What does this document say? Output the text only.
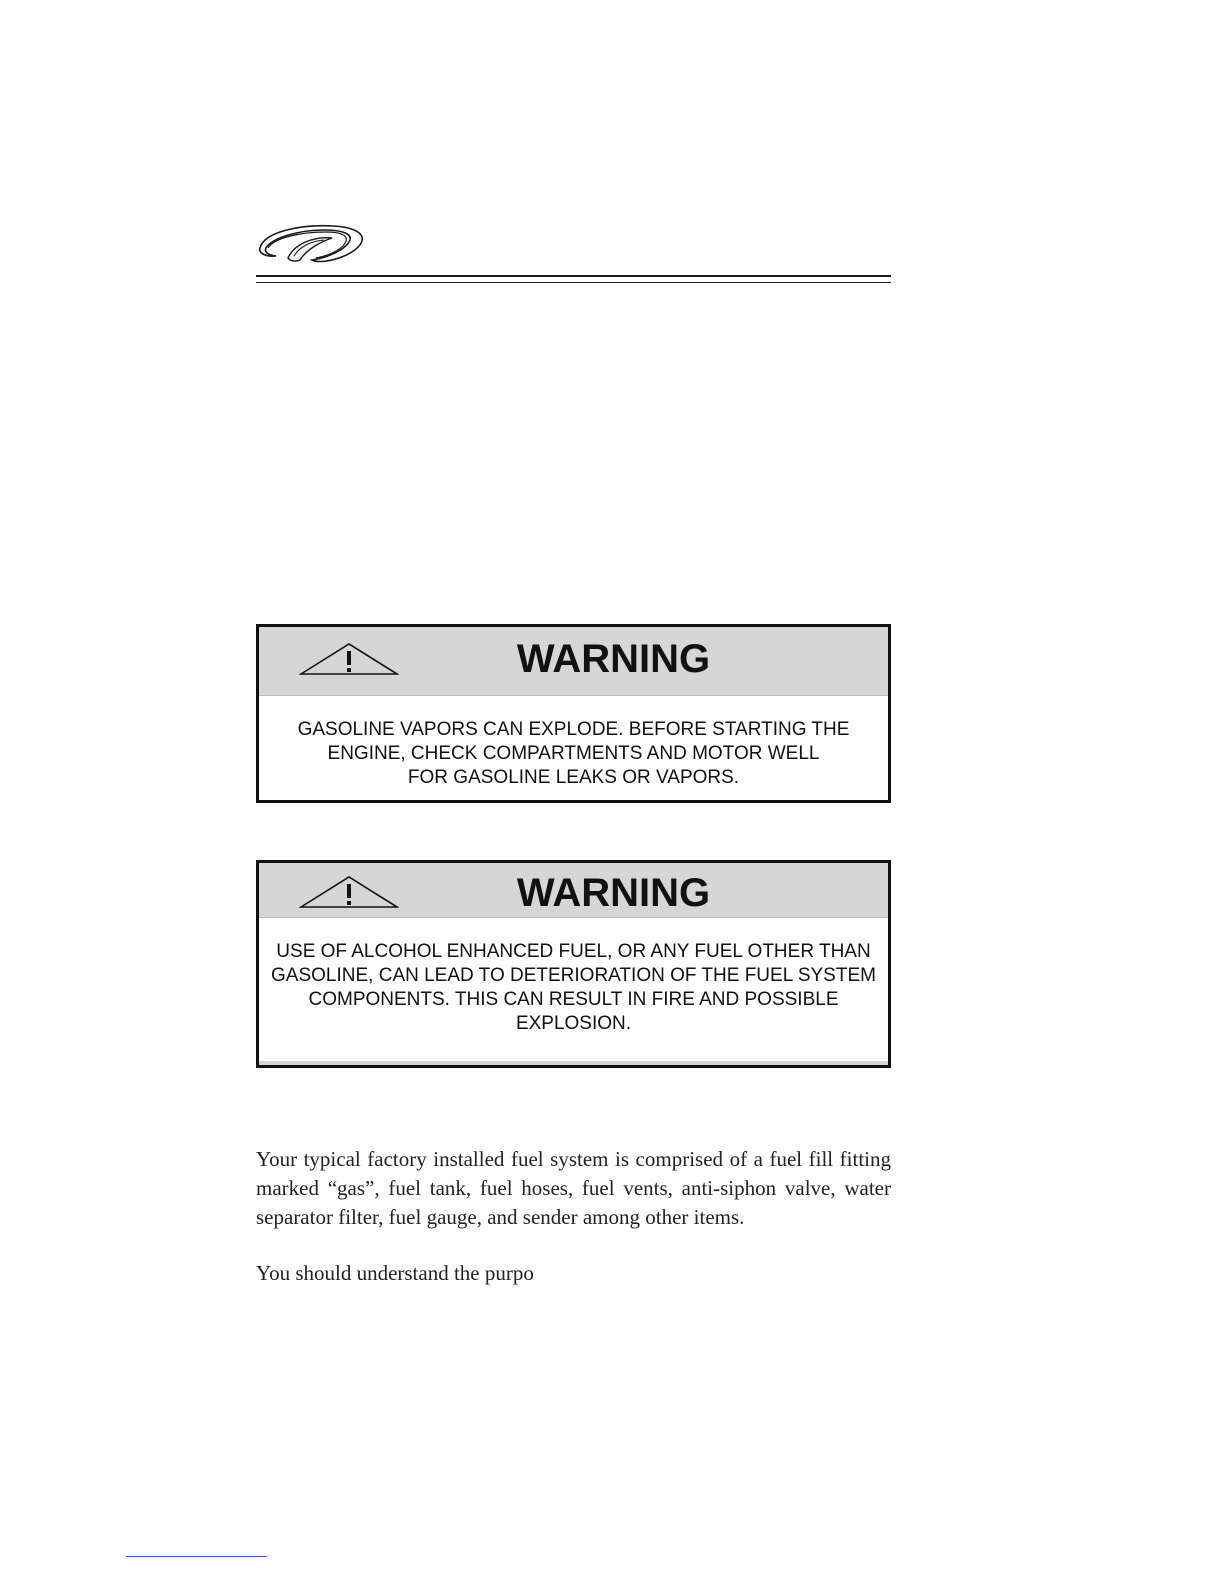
WARNING
GASOLINE VAPORS CAN EXPLODE. BEFORE STARTING THE
ENGINE, CHECK COMPARTMENTS AND MOTOR WELL
FOR GASOLINE LEAKS OR VAPORS.
WARNING
USE OF ALCOHOL ENHANCED FUEL, OR ANY FUEL OTHER THAN
GASOLINE, CAN LEAD TO DETERIORATION OF THE FUEL SYSTEM
COMPONENTS. THIS CAN RESULT IN FIRE AND POSSIBLE
EXPLOSION.

Your typical factory installed fuel system is comprised of a fuel fill fitting marked “gas”, fuel tank, fuel hoses, fuel vents, anti-siphon valve, water separator filter, fuel gauge, and sender among other items.

You should understand the purpo
